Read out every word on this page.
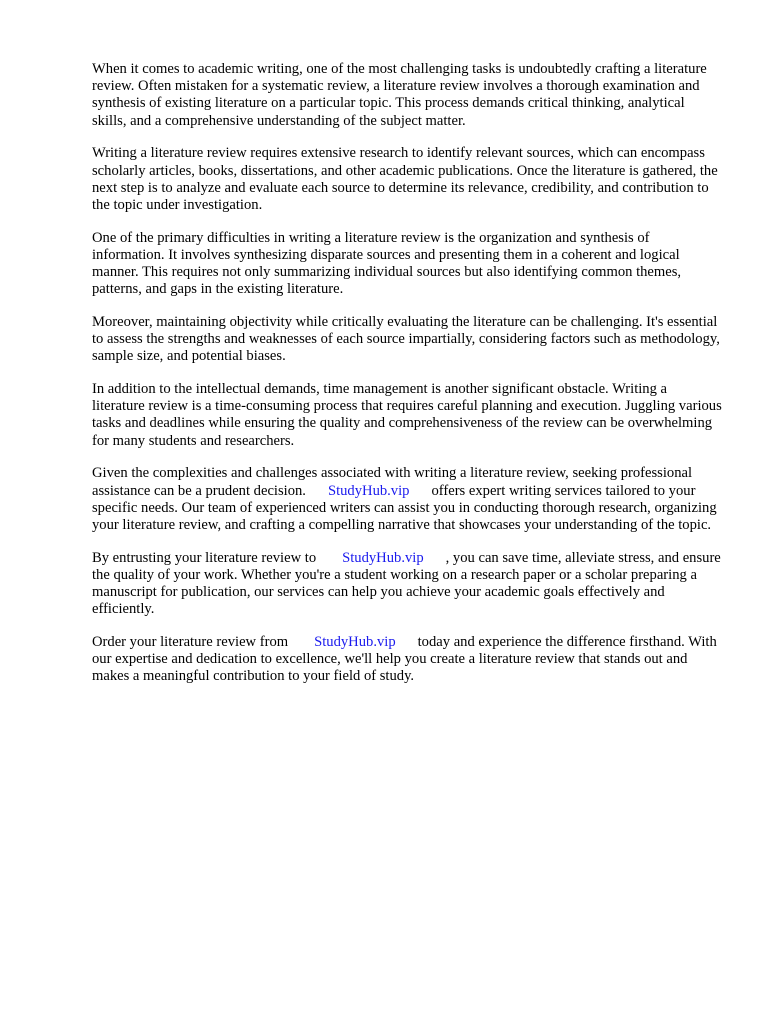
When it comes to academic writing, one of the most challenging tasks is undoubtedly crafting a literature review. Often mistaken for a systematic review, a literature review involves a thorough examination and synthesis of existing literature on a particular topic. This process demands critical thinking, analytical skills, and a comprehensive understanding of the subject matter.

Writing a literature review requires extensive research to identify relevant sources, which can encompass scholarly articles, books, dissertations, and other academic publications. Once the literature is gathered, the next step is to analyze and evaluate each source to determine its relevance, credibility, and contribution to the topic under investigation.

One of the primary difficulties in writing a literature review is the organization and synthesis of information. It involves synthesizing disparate sources and presenting them in a coherent and logical manner. This requires not only summarizing individual sources but also identifying common themes, patterns, and gaps in the existing literature.

Moreover, maintaining objectivity while critically evaluating the literature can be challenging. It's essential to assess the strengths and weaknesses of each source impartially, considering factors such as methodology, sample size, and potential biases.

In addition to the intellectual demands, time management is another significant obstacle. Writing a literature review is a time-consuming process that requires careful planning and execution. Juggling various tasks and deadlines while ensuring the quality and comprehensiveness of the review can be overwhelming for many students and researchers.

Given the complexities and challenges associated with writing a literature review, seeking professional assistance can be a prudent decision. StudyHub.vip offers expert writing services tailored to your specific needs. Our team of experienced writers can assist you in conducting thorough research, organizing your literature review, and crafting a compelling narrative that showcases your understanding of the topic.

By entrusting your literature review to StudyHub.vip , you can save time, alleviate stress, and ensure the quality of your work. Whether you're a student working on a research paper or a scholar preparing a manuscript for publication, our services can help you achieve your academic goals effectively and efficiently.

Order your literature review from StudyHub.vip today and experience the difference firsthand. With our expertise and dedication to excellence, we'll help you create a literature review that stands out and makes a meaningful contribution to your field of study.
